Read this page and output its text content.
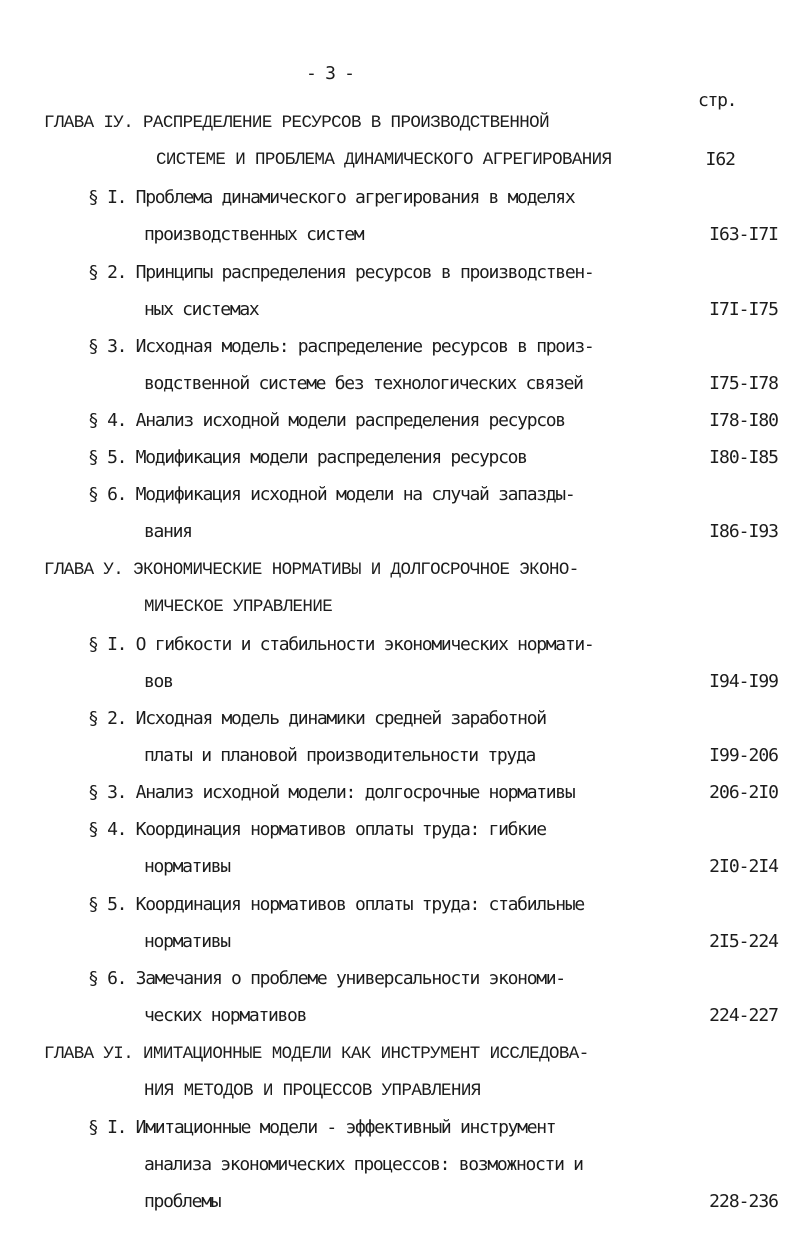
- 3 -
стр.
ГЛАВА IУ. РАСПРЕДЕЛЕНИЕ РЕСУРСОВ В ПРОИЗВОДСТВЕННОЙ
СИСТЕМЕ И ПРОБЛЕМА ДИНАМИЧЕСКОГО АГРЕГИРОВАНИЯ	I62
§ I. Проблема динамического агрегирования в моделях
производственных систем	I63-I7I
§ 2. Принципы распределения ресурсов в производствен-
ных системах	I7I-I75
§ 3. Исходная модель: распределение ресурсов в произ-
водственной системе без технологических связей	I75-I78
§ 4. Анализ исходной модели распределения ресурсов	I78-I80
§ 5. Модификация модели распределения ресурсов	I80-I85
§ 6. Модификация исходной модели на случай запазды-
вания	I86-I93
ГЛАВА У. ЭКОНОМИЧЕСКИЕ НОРМАТИВЫ И ДОЛГОСРОЧНОЕ ЭКОНО-
МИЧЕСКОЕ УПРАВЛЕНИЕ
§ I. О гибкости и стабильности экономических нормати-
вов	I94-I99
§ 2. Исходная модель динамики средней заработной
платы и плановой производительности труда	I99-206
§ 3. Анализ исходной модели: долгосрочные нормативы	206-2I0
§ 4. Координация нормативов оплаты труда: гибкие
нормативы	2I0-2I4
§ 5. Координация нормативов оплаты труда: стабильные
нормативы	2I5-224
§ 6. Замечания о проблеме универсальности экономи-
ческих нормативов	224-227
ГЛАВА УI. ИМИТАЦИОННЫЕ МОДЕЛИ КАК ИНСТРУМЕНТ ИССЛЕДОВА-
НИЯ МЕТОДОВ И ПРОЦЕССОВ УПРАВЛЕНИЯ
§ I. Имитационные модели - эффективный инструмент
анализа экономических процессов: возможности и
проблемы	228-236
